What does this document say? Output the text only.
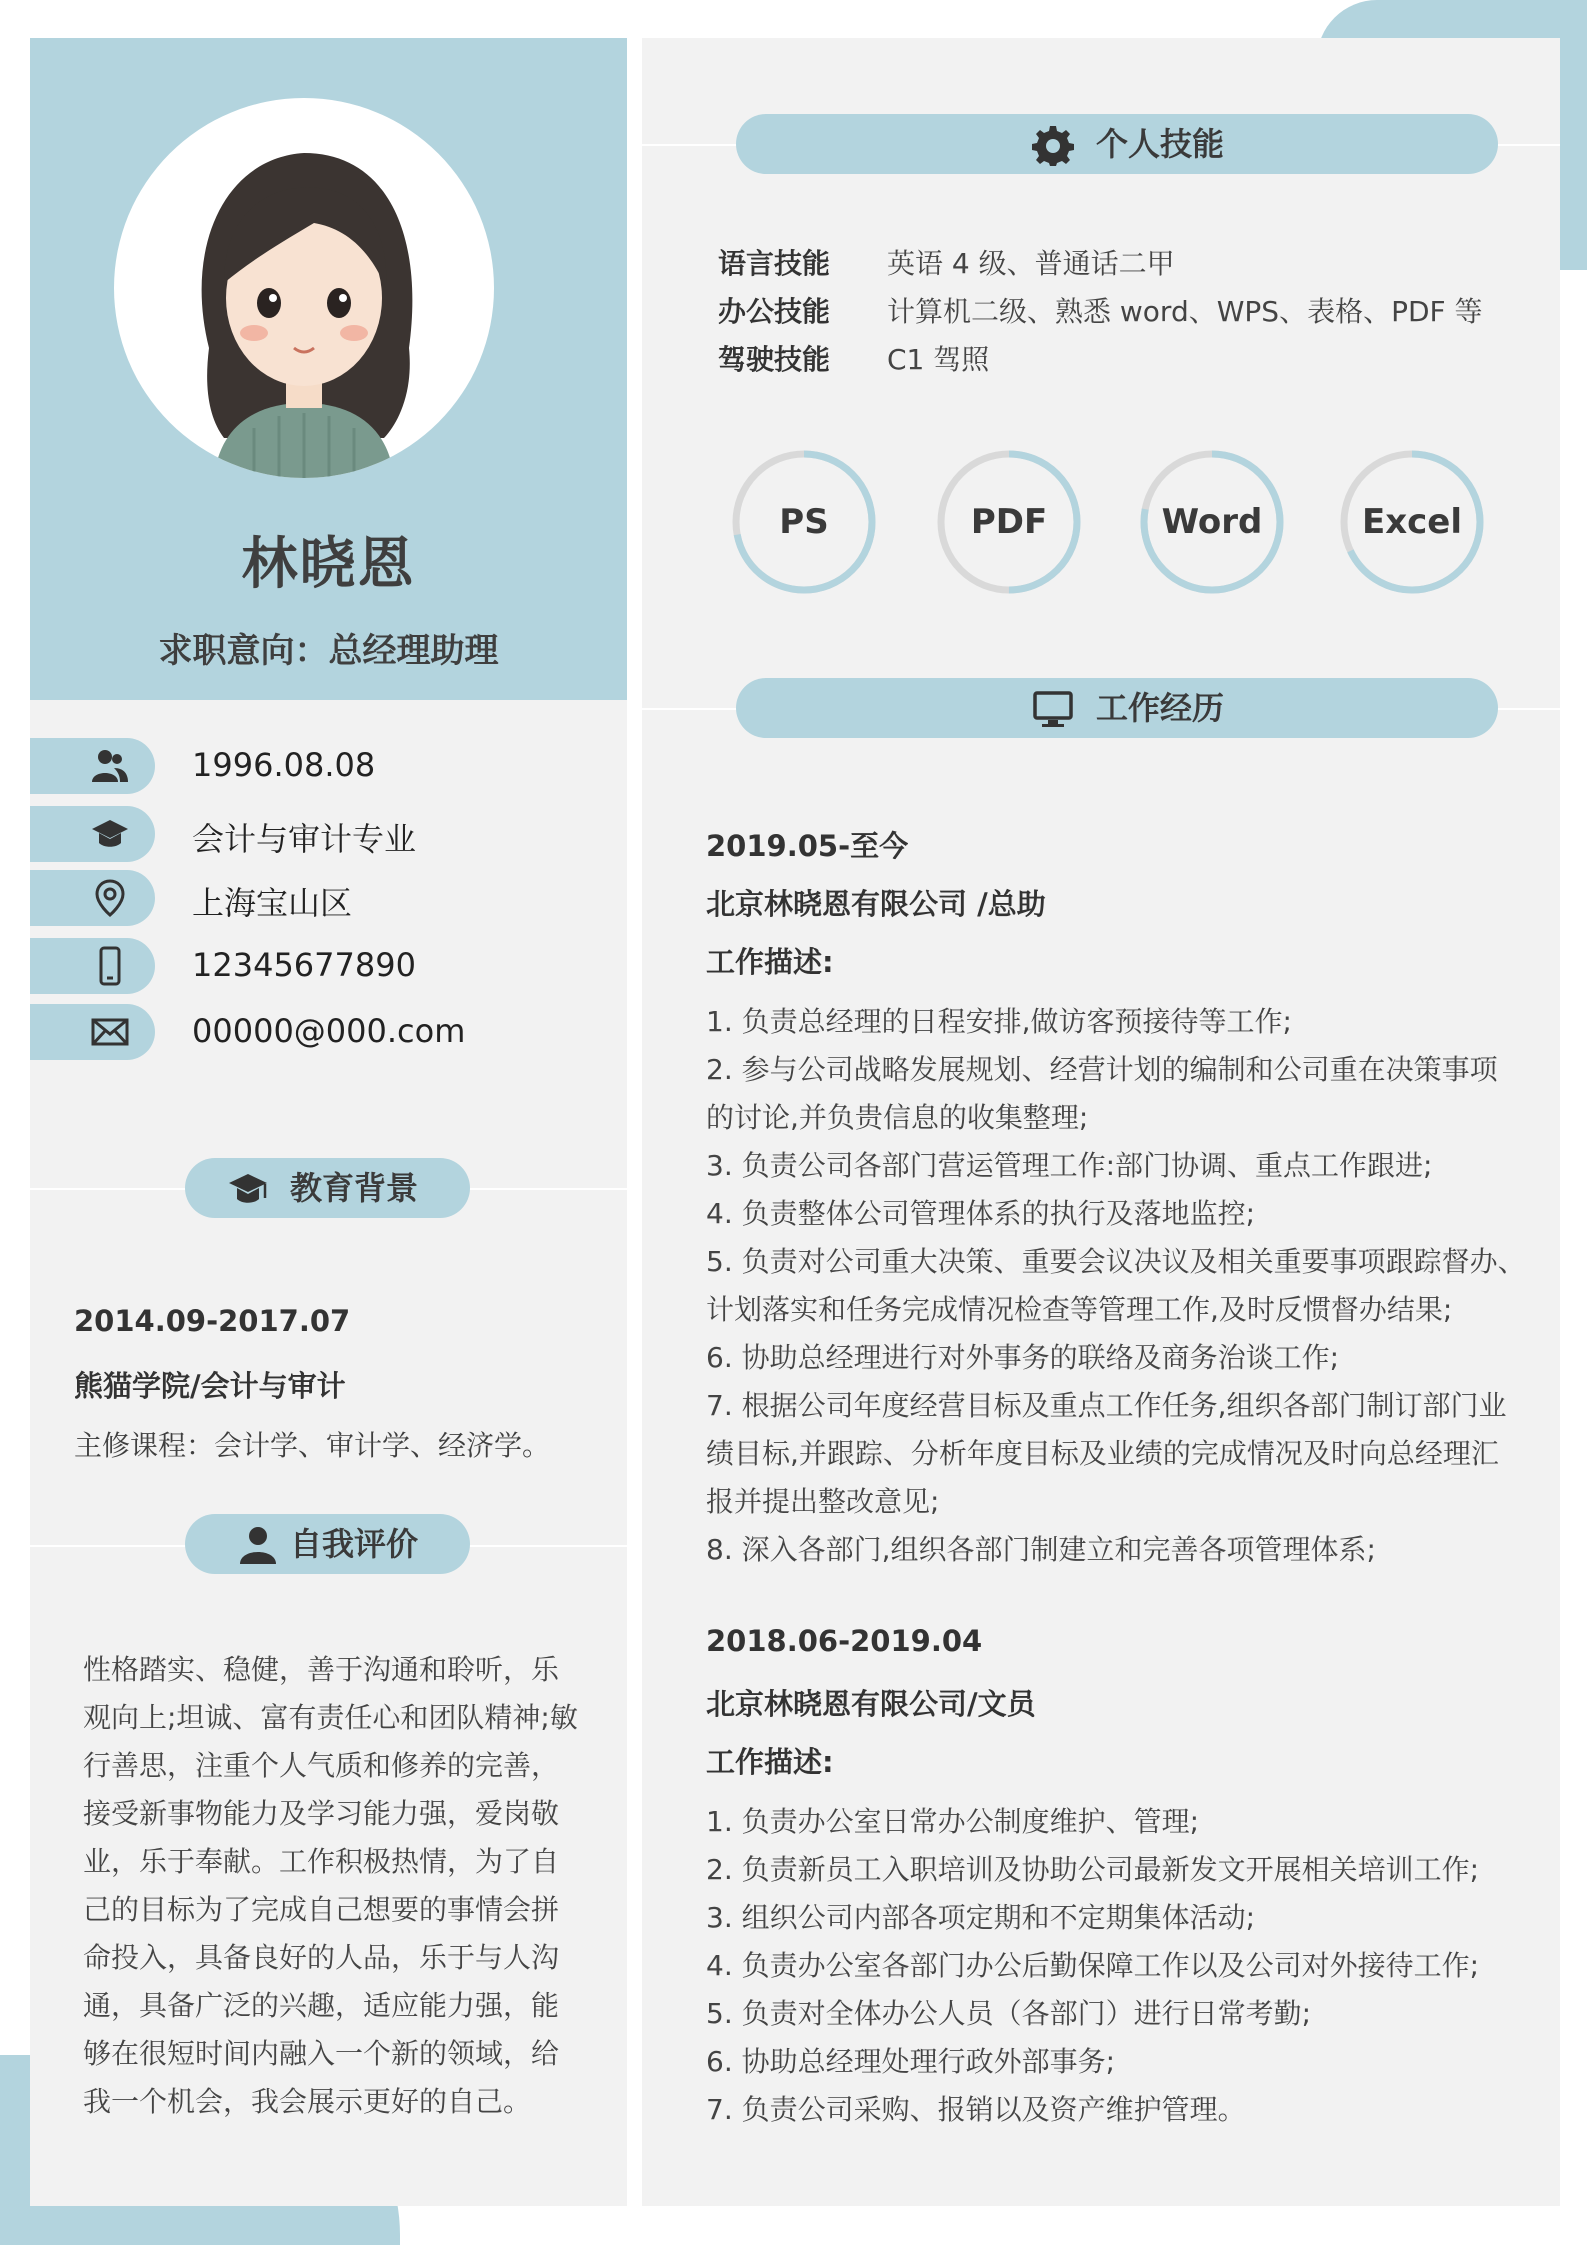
林晓恩
求职意向：总经理助理
1996.08.08
会计与审计专业
上海宝山区
12345677890
00000@000.com
教育背景
2014.09-2017.07
熊猫学院/会计与审计
主修课程：会计学、审计学、经济学。
自我评价
性格踏实、稳健，善于沟通和聆听，乐
观向上;坦诚、富有责任心和团队精神;敏
行善思，注重个人气质和修养的完善，
接受新事物能力及学习能力强，爱岗敬
业，乐于奉献。工作积极热情，为了自
己的目标为了完成自己想要的事情会拼
命投入，具备良好的人品，乐于与人沟
通，具备广泛的兴趣，适应能力强，能
够在很短时间内融入一个新的领域，给
我一个机会，我会展示更好的自己。
个人技能
语言技能 英语 4 级、普通话二甲
办公技能 计算机二级、熟悉 word、WPS、表格、PDF 等
驾驶技能 C1 驾照
PS	PDF	Word	Excel
工作经历
2019.05-至今
北京林晓恩有限公司 /总助
工作描述:
1. 负责总经理的日程安排,做访客预接待等工作;
2. 参与公司战略发展规划、经营计划的编制和公司重在决策事项
的讨论,并负贵信息的收集整理;
3. 负责公司各部门营运管理工作:部门协调、重点工作跟进;
4. 负责整体公司管理体系的执行及落地监控;
5. 负责对公司重大决策、重要会议决议及相关重要事项跟踪督办、
计划落实和任务完成情况检查等管理工作,及时反惯督办结果;
6. 协助总经理进行对外事务的联络及商务治谈工作;
7. 根据公司年度经营目标及重点工作任务,组织各部门制订部门业
绩目标,并跟踪、分析年度目标及业绩的完成情况及时向总经理汇
报并提出整改意见;
8. 深入各部门,组织各部门制建立和完善各项管理体系;
2018.06-2019.04
北京林晓恩有限公司/文员
工作描述:
1. 负责办公室日常办公制度维护、管理;
2. 负责新员工入职培训及协助公司最新发文开展相关培训工作;
3. 组织公司内部各项定期和不定期集体活动;
4. 负责办公室各部门办公后勤保障工作以及公司对外接待工作;
5. 负责对全体办公人员（各部门）进行日常考勤;
6. 协助总经理处理行政外部事务;
7. 负责公司采购、报销以及资产维护管理。
